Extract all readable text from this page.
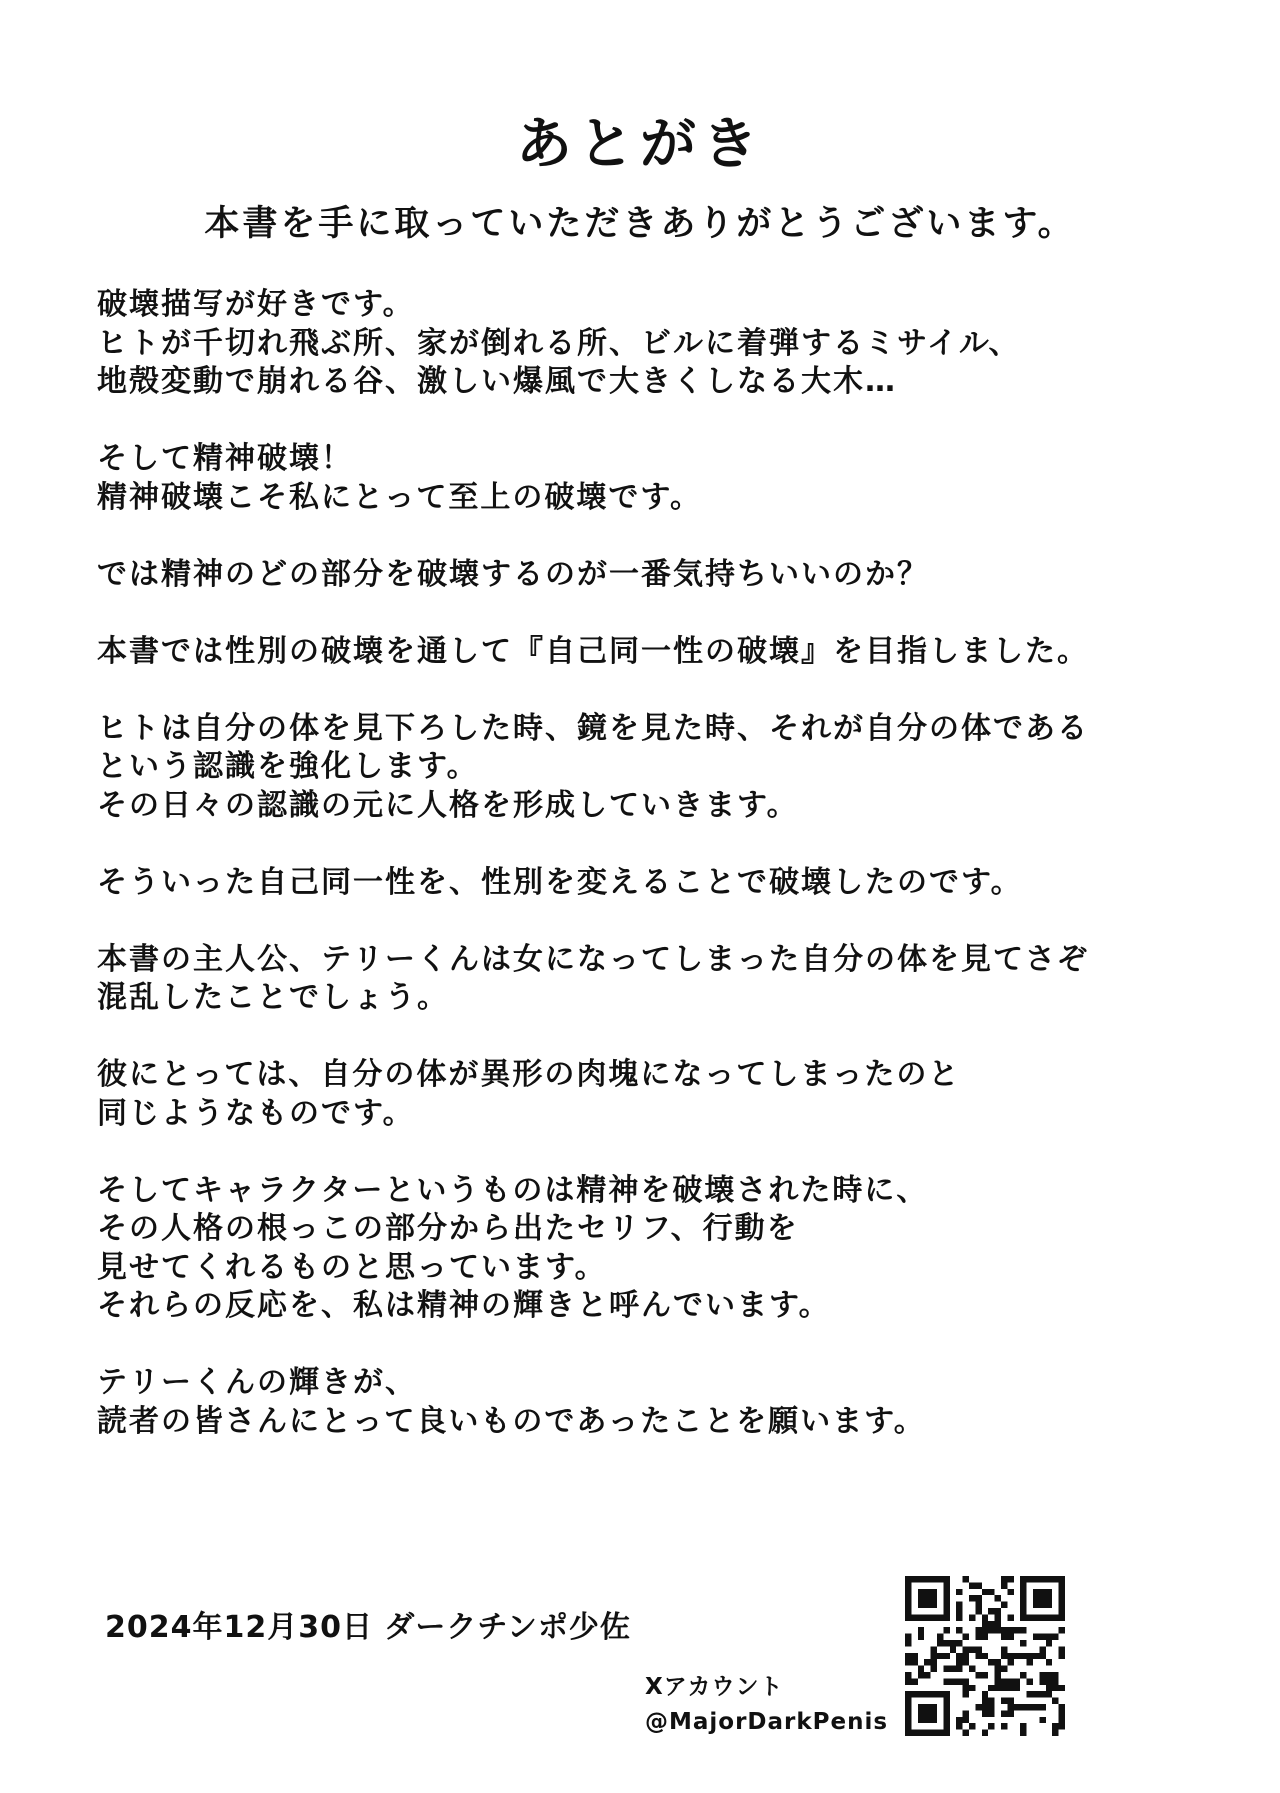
あとがき
本書を手に取っていただきありがとうございます。
破壊描写が好きです。
ヒトが千切れ飛ぶ所、家が倒れる所、ビルに着弾するミサイル、
地殻変動で崩れる谷、激しい爆風で大きくしなる大木…
そして精神破壊！
精神破壊こそ私にとって至上の破壊です。
では精神のどの部分を破壊するのが一番気持ちいいのか？
本書では性別の破壊を通して『自己同一性の破壊』を目指しました。
ヒトは自分の体を見下ろした時、鏡を見た時、それが自分の体である
という認識を強化します。
その日々の認識の元に人格を形成していきます。
そういった自己同一性を、性別を変えることで破壊したのです。
本書の主人公、テリーくんは女になってしまった自分の体を見てさぞ
混乱したことでしょう。
彼にとっては、自分の体が異形の肉塊になってしまったのと
同じようなものです。
そしてキャラクターというものは精神を破壊された時に、
その人格の根っこの部分から出たセリフ、行動を
見せてくれるものと思っています。
それらの反応を、私は精神の輝きと呼んでいます。
テリーくんの輝きが、
読者の皆さんにとって良いものであったことを願います。
2024年12月30日 ダークチンポ少佐
Xアカウント
@MajorDarkPenis
